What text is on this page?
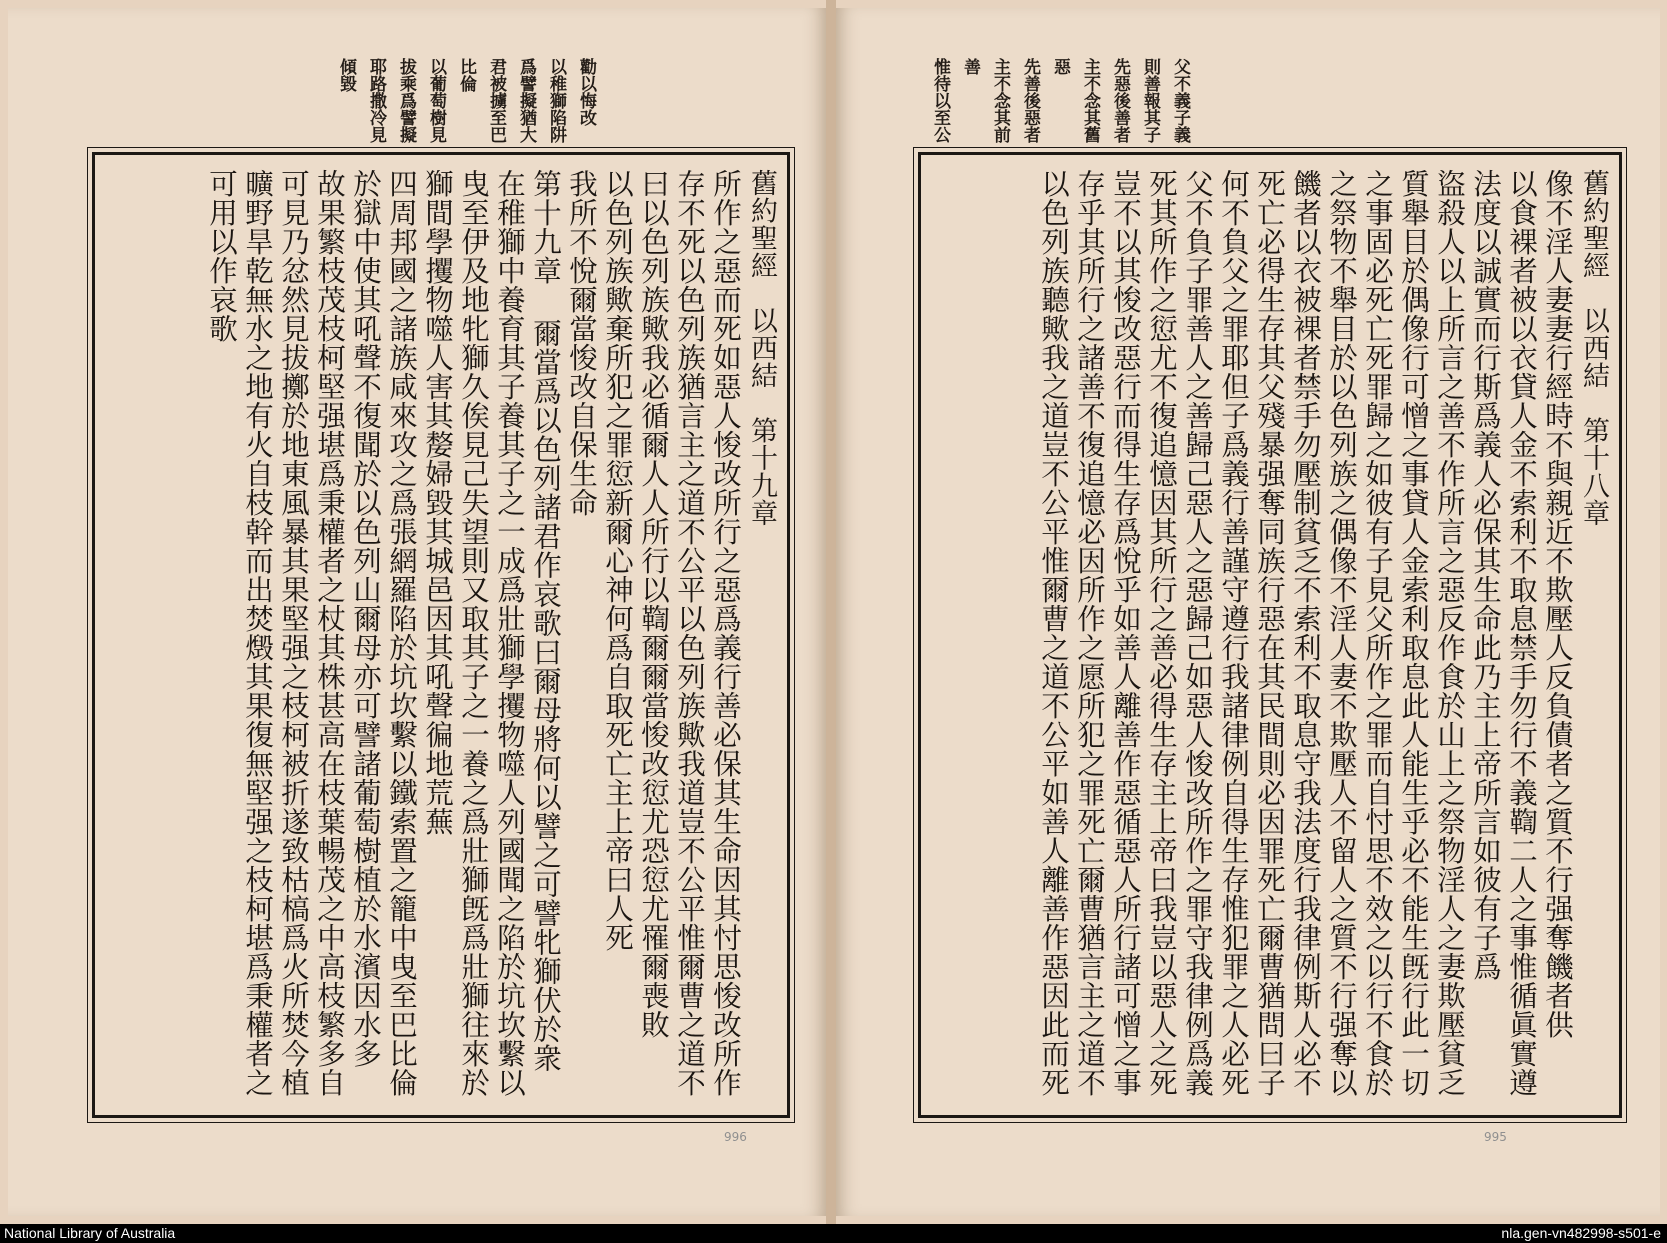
勸以悔改
以稚獅陷阱
爲譬擬猶大
君被擄至巴
比倫
以葡萄樹見
拔乘爲譬擬
耶路撒冷見
傾毀
舊約聖經　以西結　第十九章
所作之惡而死如惡人悛改所行之惡爲義行善必保其生命因其忖思悛改所作
存不死以色列族猶言主之道不公平以色列族歟我道豈不公平惟爾曹之道不
曰以色列族歟我必循爾人人所行以鞫爾爾當悛改愆尤恐愆尤罹爾喪敗
以色列族歟棄所犯之罪愆新爾心神何爲自取死亡主上帝曰人死
我所不悅爾當悛改自保生命
第十九章 爾當爲以色列諸君作哀歌曰爾母將何以譬之可譬牝獅伏於衆
在稚獅中養育其子養其子之一成爲壯獅學攫物噬人列國聞之陷於坑坎繫以
曳至伊及地牝獅久俟見己失望則又取其子之一養之爲壯獅旣爲壯獅往來於
獅間學攫物噬人害其嫠婦毀其城邑因其吼聲徧地荒蕪
四周邦國之諸族咸來攻之爲張網羅陷於坑坎繫以鐵索置之籠中曳至巴比倫
於獄中使其吼聲不復聞於以色列山爾母亦可譬諸葡萄樹植於水濱因水多
故果繁枝茂枝柯堅强堪爲秉權者之杖其株甚高在枝葉暢茂之中高枝繁多自
可見乃忿然見拔擲於地東風暴其果堅强之枝柯被折遂致枯槁爲火所焚今植
曠野旱乾無水之地有火自枝幹而出焚燬其果復無堅强之枝柯堪爲秉權者之
可用以作哀歌
父不義子義
則善報其子
先惡後善者
主不念其舊
惡
先善後惡者
主不念其前
善
惟待以至公
舊約聖經　以西結　第十八章
像不淫人妻妻行經時不與親近不欺壓人反負債者之質不行强奪饑者供
以食裸者被以衣貸人金不索利不取息禁手勿行不義鞫二人之事惟循眞實遵
法度以誠實而行斯爲義人必保其生命此乃主上帝所言如彼有子爲
盜殺人以上所言之善不作所言之惡反作食於山上之祭物淫人之妻欺壓貧乏
質舉目於偶像行可憎之事貸人金索利取息此人能生乎必不能生旣行此一切
之事固必死亡死罪歸之如彼有子見父所作之罪而自忖思不效之以行不食於
之祭物不舉目於以色列族之偶像不淫人妻不欺壓人不留人之質不行强奪以
饑者以衣被裸者禁手勿壓制貧乏不索利不取息守我法度行我律例斯人必不
死亡必得生存其父殘暴强奪同族行惡在其民間則必因罪死亡爾曹猶問曰子
何不負父之罪耶但子爲義行善謹守遵行我諸律例自得生存惟犯罪之人必死
父不負子罪善人之善歸己惡人之惡歸己如惡人悛改所作之罪守我律例爲義
死其所作之愆尤不復追憶因其所行之善必得生存主上帝曰我豈以惡人之死
豈不以其悛改惡行而得生存爲悅乎如善人離善作惡循惡人所行諸可憎之事
存乎其所行之諸善不復追憶必因所作之愿所犯之罪死亡爾曹猶言主之道不
以色列族聽歟我之道豈不公平惟爾曹之道不公平如善人離善作惡因此而死
996	995
National Library of Australia	nla.gen-vn482998-s501-e
